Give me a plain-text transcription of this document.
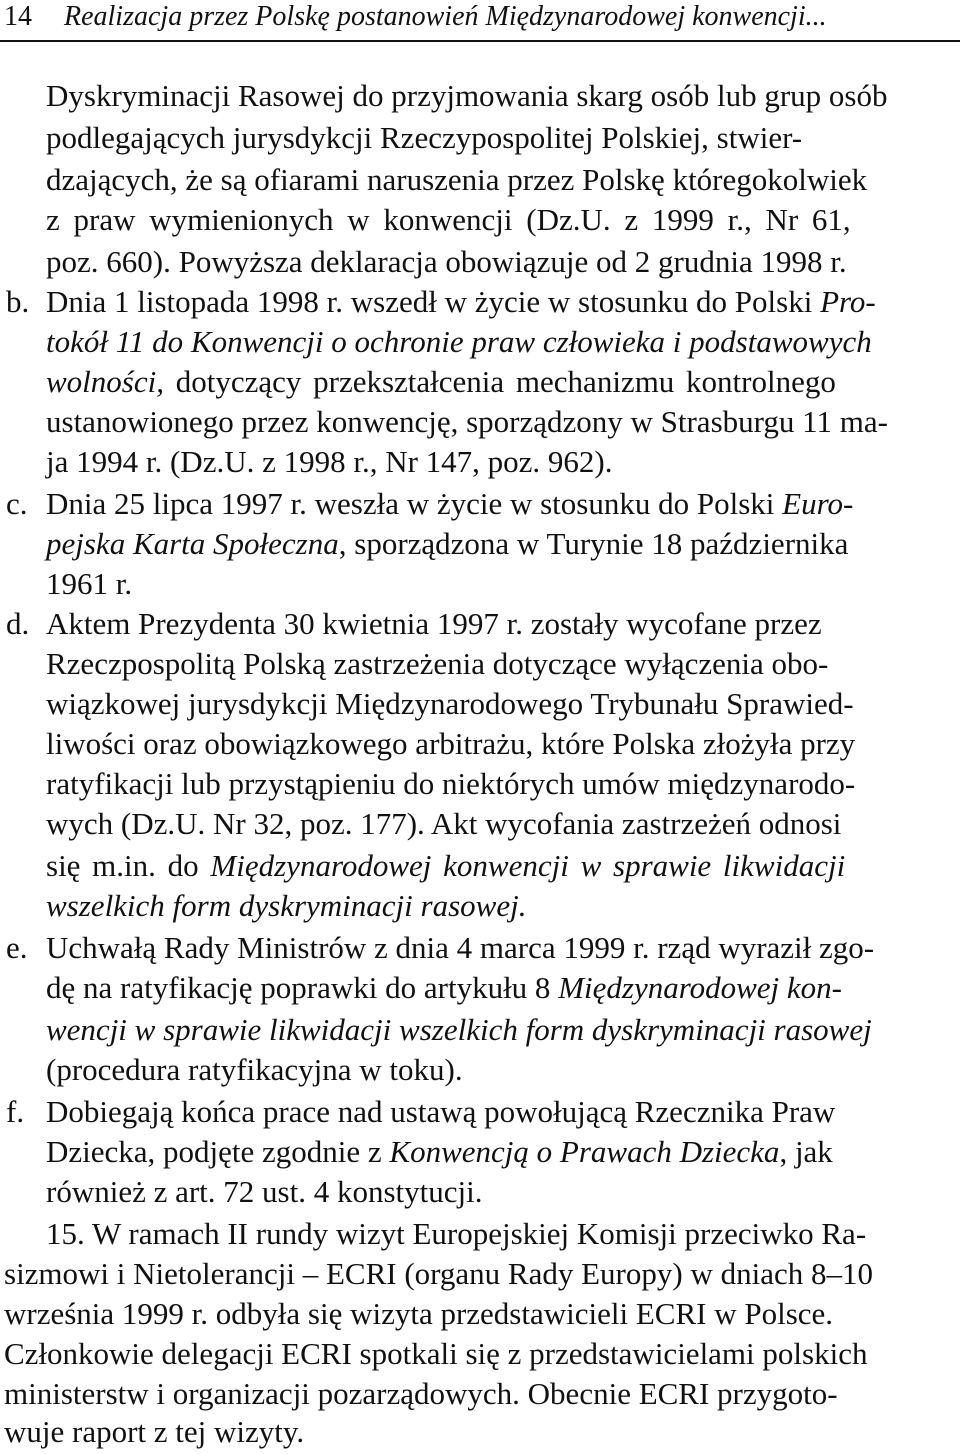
14 Realizacja przez Polskę postanowień Międzynarodowej konwencji...
Dyskryminacji Rasowej do przyjmowania skarg osób lub grup osób
podlegających jurysdykcji Rzeczypospolitej Polskiej, stwier-
dzających, że są ofiarami naruszenia przez Polskę któregokolwiek
z praw wymienionych w konwencji (Dz.U. z 1999 r., Nr 61,
poz. 660). Powyższa deklaracja obowiązuje od 2 grudnia 1998 r.
b. Dnia 1 listopada 1998 r. wszedł w życie w stosunku do Polski Pro-
tokół 11 do Konwencji o ochronie praw człowieka i podstawowych
wolności, dotyczący przekształcenia mechanizmu kontrolnego
ustanowionego przez konwencję, sporządzony w Strasburgu 11 ma-
ja 1994 r. (Dz.U. z 1998 r., Nr 147, poz. 962).
c. Dnia 25 lipca 1997 r. weszła w życie w stosunku do Polski Euro-
pejska Karta Społeczna, sporządzona w Turynie 18 października
1961 r.
d. Aktem Prezydenta 30 kwietnia 1997 r. zostały wycofane przez
Rzeczpospolitą Polską zastrzeżenia dotyczące wyłączenia obo-
wiązkowej jurysdykcji Międzynarodowego Trybunału Sprawied-
liwości oraz obowiązkowego arbitrażu, które Polska złożyła przy
ratyfikacji lub przystąpieniu do niektórych umów międzynarodo-
wych (Dz.U. Nr 32, poz. 177). Akt wycofania zastrzeżeń odnosi
się m.in. do Międzynarodowej konwencji w sprawie likwidacji
wszelkich form dyskryminacji rasowej.
e. Uchwałą Rady Ministrów z dnia 4 marca 1999 r. rząd wyraził zgo-
dę na ratyfikację poprawki do artykułu 8 Międzynarodowej kon-
wencji w sprawie likwidacji wszelkich form dyskryminacji rasowej
(procedura ratyfikacyjna w toku).
f. Dobiegają końca prace nad ustawą powołującą Rzecznika Praw
Dziecka, podjęte zgodnie z Konwencją o Prawach Dziecka, jak
również z art. 72 ust. 4 konstytucji.
15. W ramach II rundy wizyt Europejskiej Komisji przeciwko Ra-
sizmowi i Nietolerancji – ECRI (organu Rady Europy) w dniach 8–10
września 1999 r. odbyła się wizyta przedstawicieli ECRI w Polsce.
Członkowie delegacji ECRI spotkali się z przedstawicielami polskich
ministerstw i organizacji pozarządowych. Obecnie ECRI przygoto-
wuje raport z tej wizyty.
